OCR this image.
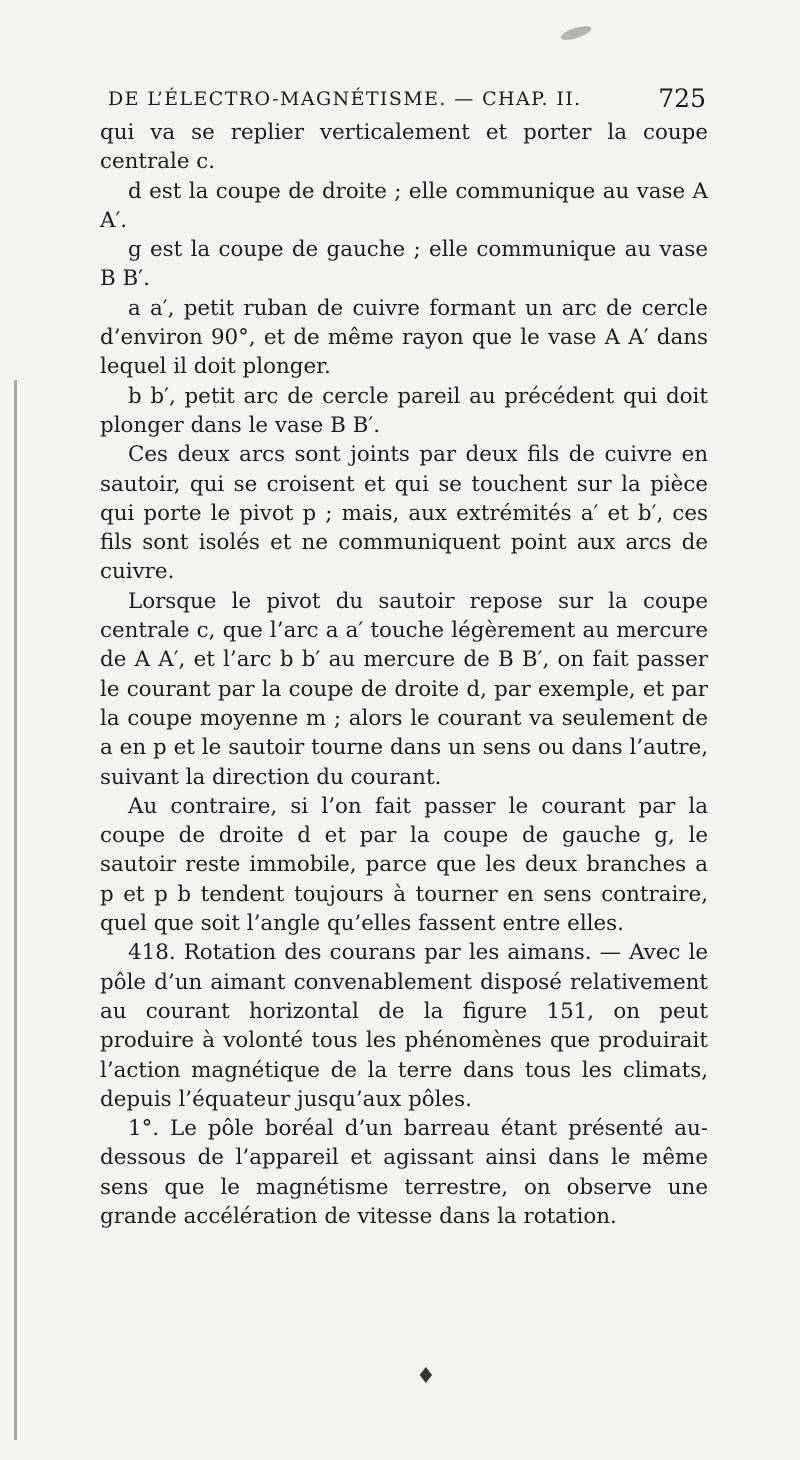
DE L’ÉLECTRO-MAGNÉTISME. — CHAP. II.	725

qui va se replier verticalement et porter la coupe centrale c.

d est la coupe de droite ; elle communique au vase A A′.

g est la coupe de gauche ; elle communique au vase B B′.

a a′, petit ruban de cuivre formant un arc de cercle d’environ 90°, et de même rayon que le vase A A′ dans lequel il doit plonger.

b b′, petit arc de cercle pareil au précédent qui doit plonger dans le vase B B′.

Ces deux arcs sont joints par deux fils de cuivre en sautoir, qui se croisent et qui se touchent sur la pièce qui porte le pivot p ; mais, aux extrémités a′ et b′, ces fils sont isolés et ne communiquent point aux arcs de cuivre.

Lorsque le pivot du sautoir repose sur la coupe centrale c, que l’arc a a′ touche légèrement au mercure de A A′, et l’arc b b′ au mercure de B B′, on fait passer le courant par la coupe de droite d, par exemple, et par la coupe moyenne m ; alors le courant va seulement de a en p et le sautoir tourne dans un sens ou dans l’autre, suivant la direction du courant.

Au contraire, si l’on fait passer le courant par la coupe de droite d et par la coupe de gauche g, le sautoir reste immobile, parce que les deux branches a p et p b tendent toujours à tourner en sens contraire, quel que soit l’angle qu’elles fassent entre elles.

418. Rotation des courans par les aimans. — Avec le pôle d’un aimant convenablement disposé relativement au courant horizontal de la figure 151, on peut produire à volonté tous les phénomènes que produirait l’action magnétique de la terre dans tous les climats, depuis l’équateur jusqu’aux pôles.

1°. Le pôle boréal d’un barreau étant présenté au-dessous de l’appareil et agissant ainsi dans le même sens que le magnétisme terrestre, on observe une grande accélération de vitesse dans la rotation.

♦
